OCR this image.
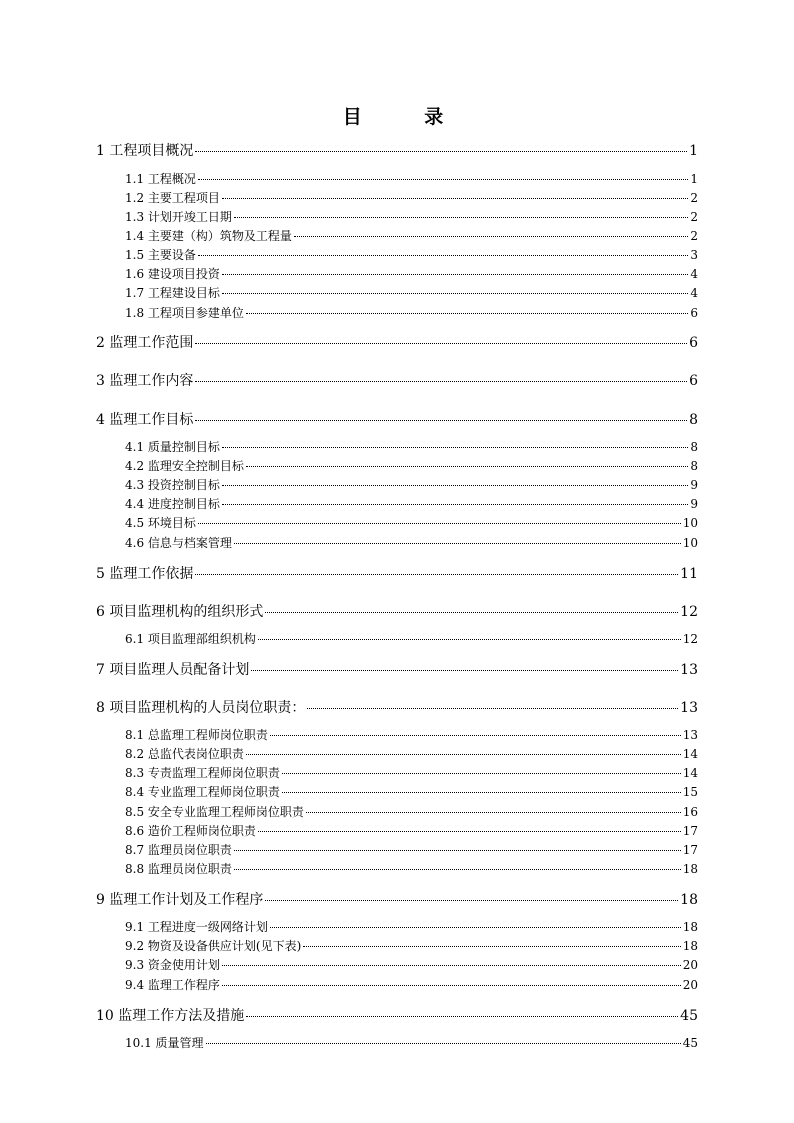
目 录
1 工程项目概况	1
1.1 工程概况	1
1.2 主要工程项目	2
1.3 计划开竣工日期	2
1.4 主要建（构）筑物及工程量	2
1.5 主要设备	3
1.6 建设项目投资	4
1.7 工程建设目标	4
1.8 工程项目参建单位	6
2 监理工作范围	6
3 监理工作内容	6
4 监理工作目标	8
4.1 质量控制目标	8
4.2 监理安全控制目标	8
4.3 投资控制目标	9
4.4 进度控制目标	9
4.5 环境目标	10
4.6 信息与档案管理	10
5 监理工作依据	11
6 项目监理机构的组织形式	12
6.1 项目监理部组织机构	12
7 项目监理人员配备计划	13
8 项目监理机构的人员岗位职责：	13
8.1 总监理工程师岗位职责	13
8.2 总监代表岗位职责	14
8.3 专责监理工程师岗位职责	14
8.4 专业监理工程师岗位职责	15
8.5 安全专业监理工程师岗位职责	16
8.6 造价工程师岗位职责	17
8.7 监理员岗位职责	17
8.8 监理员岗位职责	18
9 监理工作计划及工作程序	18
9.1 工程进度一级网络计划	18
9.2 物资及设备供应计划(见下表)	18
9.3 资金使用计划	20
9.4 监理工作程序	20
10 监理工作方法及措施	45
10.1 质量管理	45
